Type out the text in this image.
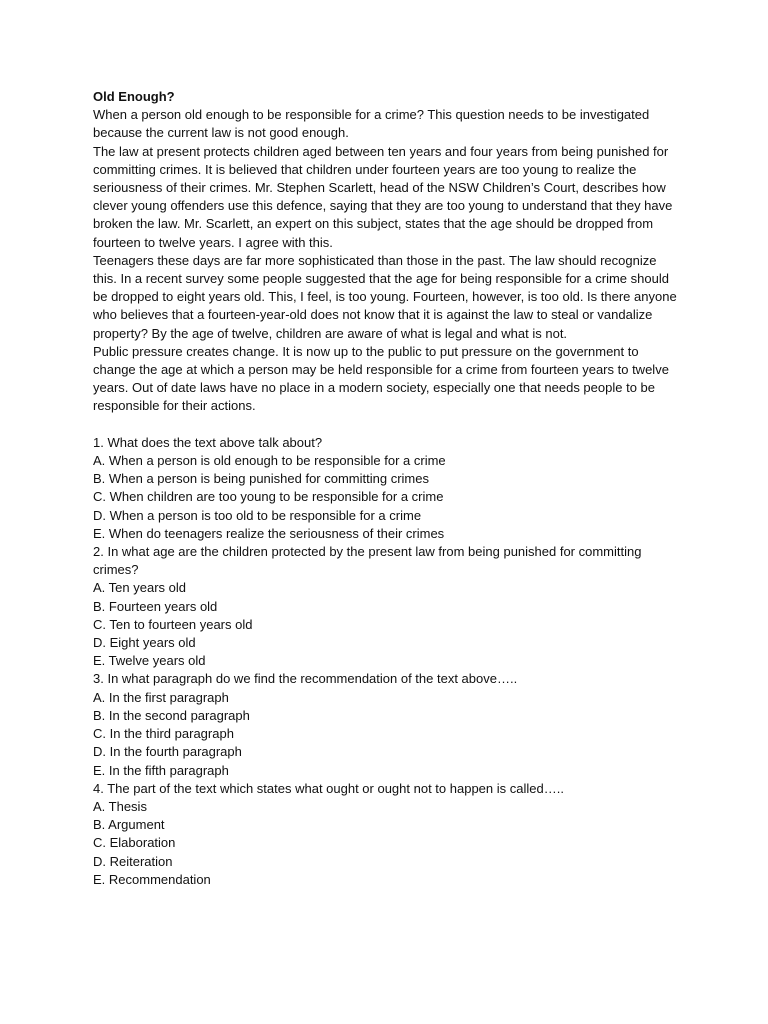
Old Enough?

When a person old enough to be responsible for a crime? This question needs to be investigated because the current law is not good enough.

The law at present protects children aged between ten years and four years from being punished for committing crimes. It is believed that children under fourteen years are too young to realize the seriousness of their crimes. Mr. Stephen Scarlett, head of the NSW Children’s Court, describes how clever young offenders use this defence, saying that they are too young to understand that they have broken the law. Mr. Scarlett, an expert on this subject, states that the age should be dropped from fourteen to twelve years. I agree with this.

Teenagers these days are far more sophisticated than those in the past. The law should recognize this. In a recent survey some people suggested that the age for being responsible for a crime should be dropped to eight years old. This, I feel, is too young. Fourteen, however, is too old. Is there anyone who believes that a fourteen-year-old does not know that it is against the law to steal or vandalize property? By the age of twelve, children are aware of what is legal and what is not.

Public pressure creates change. It is now up to the public to put pressure on the government to change the age at which a person may be held responsible for a crime from fourteen years to twelve years. Out of date laws have no place in a modern society, especially one that needs people to be responsible for their actions.

1. What does the text above talk about?
A. When a person is old enough to be responsible for a crime
B. When a person is being punished for committing crimes
C. When children are too young to be responsible for a crime
D. When a person is too old to be responsible for a crime
E. When do teenagers realize the seriousness of their crimes
2. In what age are the children protected by the present law from being punished for committing crimes?
A. Ten years old
B. Fourteen years old
C. Ten to fourteen years old
D. Eight years old
E. Twelve years old
3. In what paragraph do we find the recommendation of the text above…..
A. In the first paragraph
B. In the second paragraph
C. In the third paragraph
D. In the fourth paragraph
E. In the fifth paragraph
4. The part of the text which states what ought or ought not to happen is called…..
A. Thesis
B. Argument
C. Elaboration
D. Reiteration
E. Recommendation
